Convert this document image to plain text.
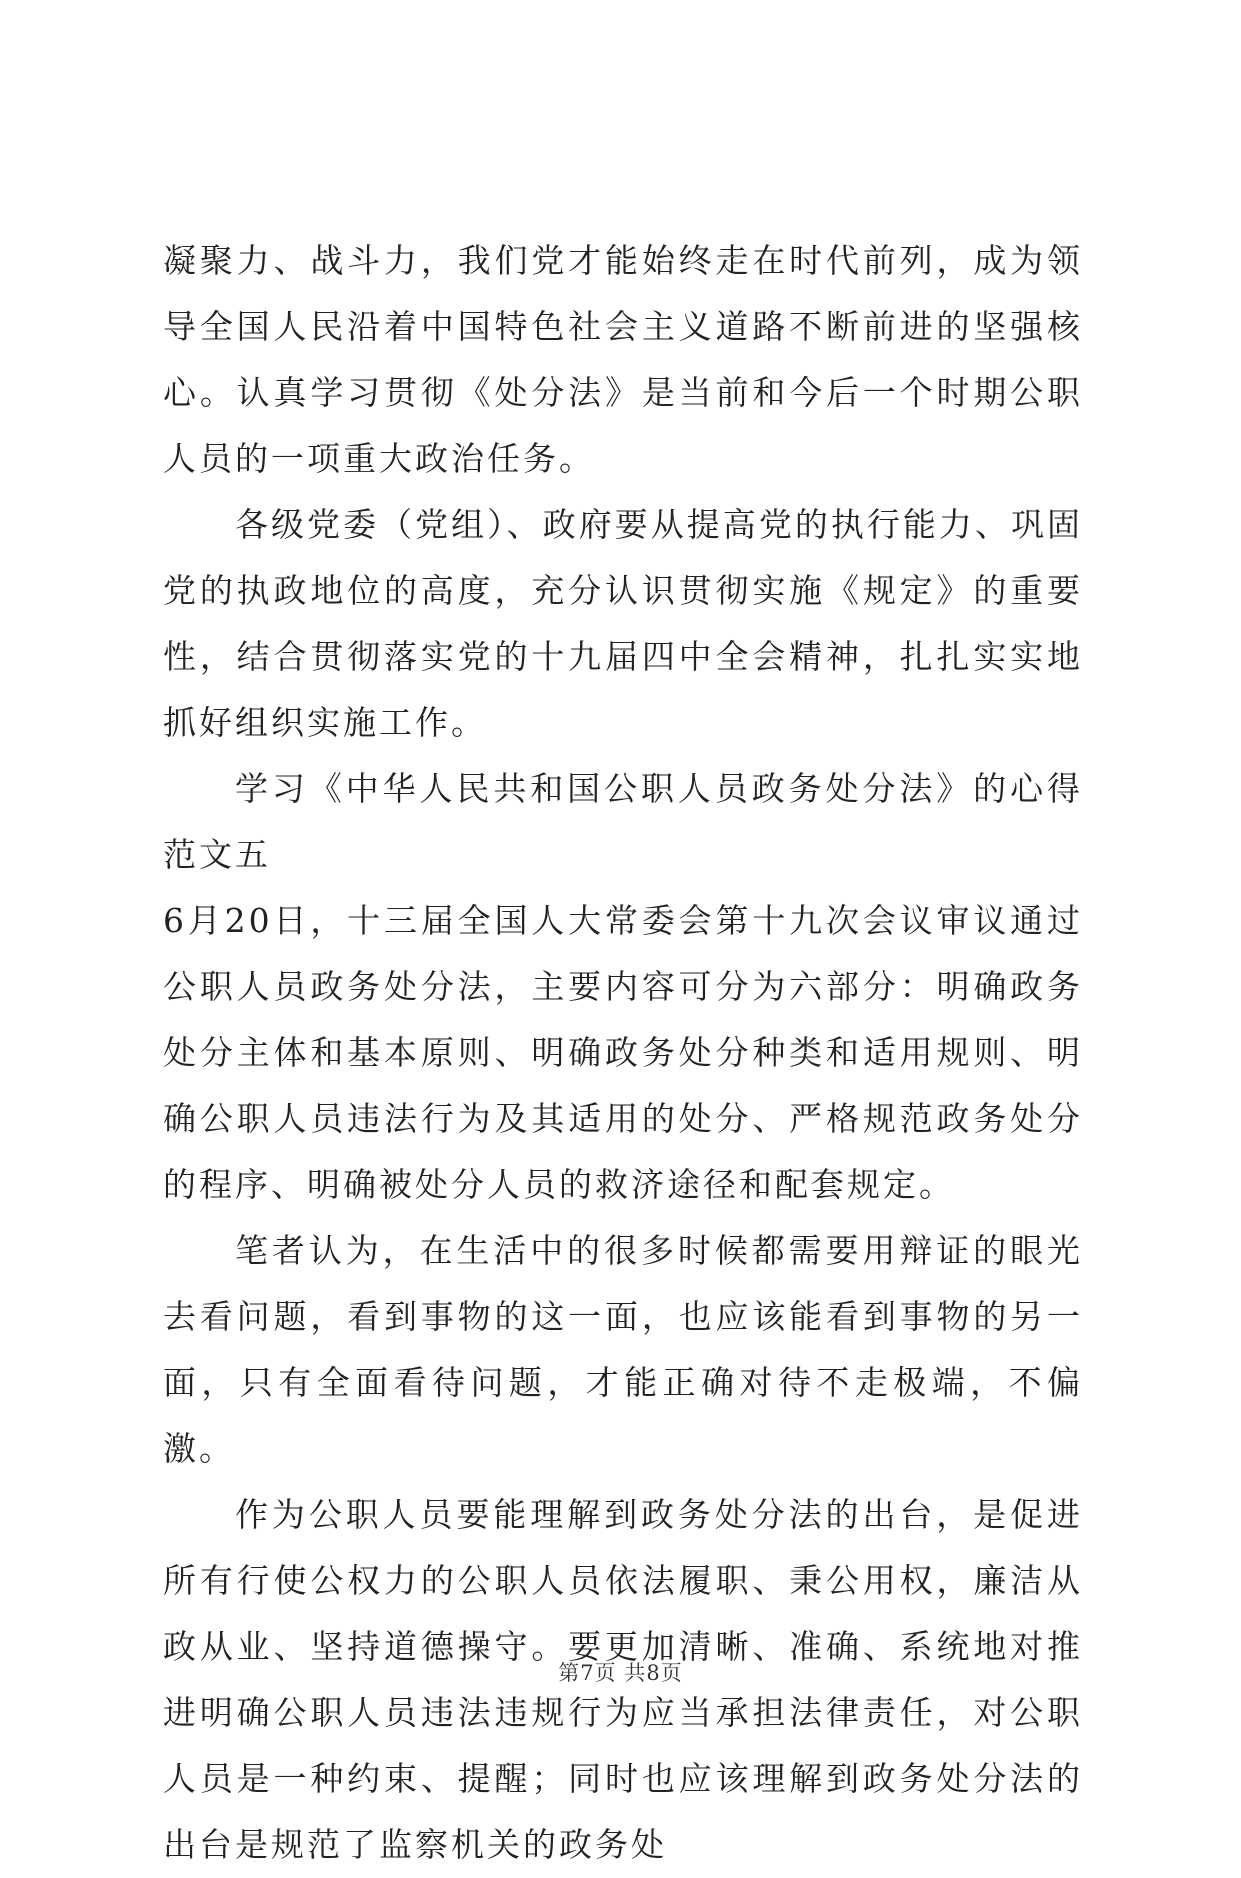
凝聚力、战斗力，我们党才能始终走在时代前列，成为领导全国人民沿着中国特色社会主义道路不断前进的坚强核心。认真学习贯彻《处分法》是当前和今后一个时期公职人员的一项重大政治任务。

各级党委（党组）、政府要从提高党的执行能力、巩固党的执政地位的高度，充分认识贯彻实施《规定》的重要性，结合贯彻落实党的十九届四中全会精神，扎扎实实地抓好组织实施工作。

学习《中华人民共和国公职人员政务处分法》的心得范文五

6月20日，十三届全国人大常委会第十九次会议审议通过公职人员政务处分法，主要内容可分为六部分：明确政务处分主体和基本原则、明确政务处分种类和适用规则、明确公职人员违法行为及其适用的处分、严格规范政务处分的程序、明确被处分人员的救济途径和配套规定。

笔者认为，在生活中的很多时候都需要用辩证的眼光去看问题，看到事物的这一面，也应该能看到事物的另一面，只有全面看待问题，才能正确对待不走极端，不偏激。

作为公职人员要能理解到政务处分法的出台，是促进所有行使公权力的公职人员依法履职、秉公用权，廉洁从政从业、坚持道德操守。要更加清晰、准确、系统地对推进明确公职人员违法违规行为应当承担法律责任，对公职人员是一种约束、提醒；同时也应该理解到政务处分法的出台是规范了监察机关的政务处

第7页 共8页
